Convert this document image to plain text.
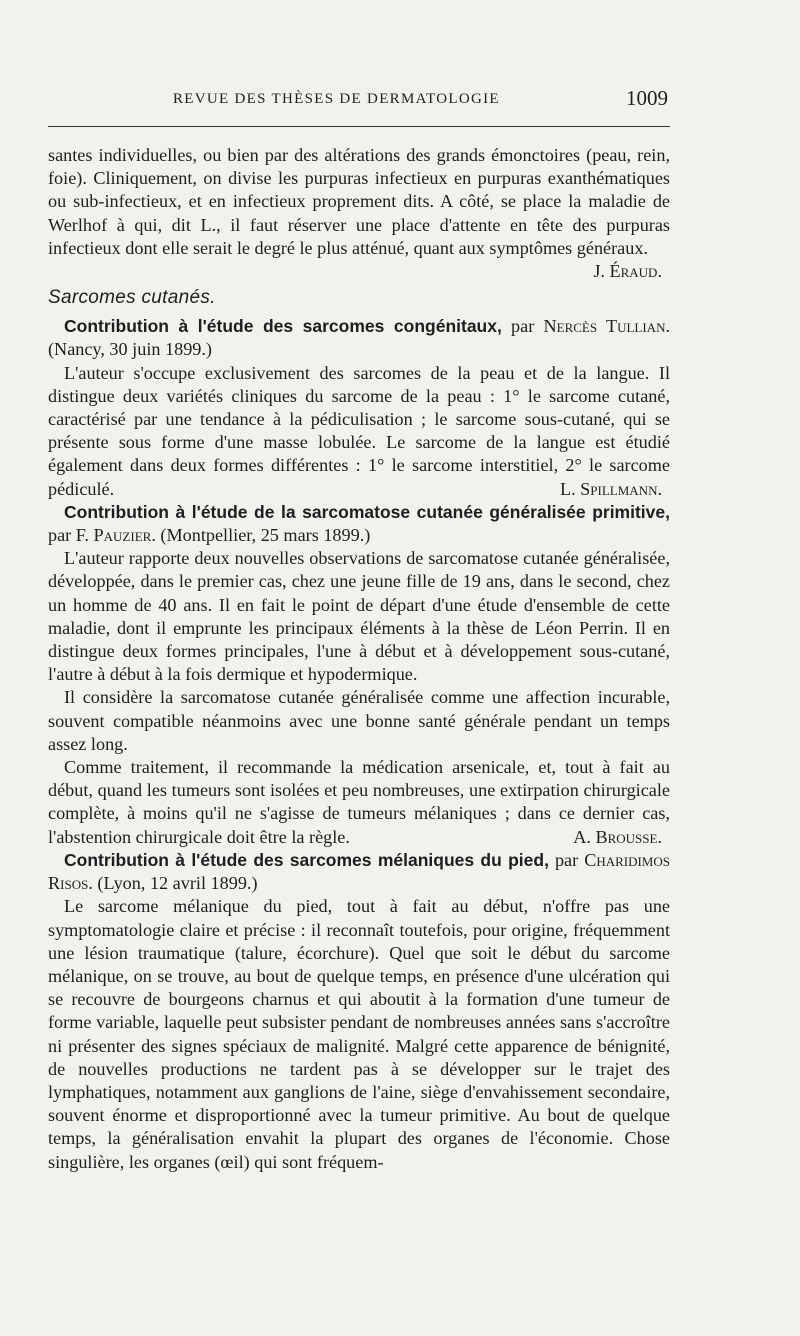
REVUE DES THÈSES DE DERMATOLOGIE	1009

santes individuelles, ou bien par des altérations des grands émonctoires (peau, rein, foie). Cliniquement, on divise les purpuras infectieux en purpuras exanthématiques ou sub-infectieux, et en infectieux proprement dits. A côté, se place la maladie de Werlhof à qui, dit L., il faut réserver une place d'attente en tête des purpuras infectieux dont elle serait le degré le plus atténué, quant aux symptômes généraux.
J. Éraud.

Sarcomes cutanés.

Contribution à l'étude des sarcomes congénitaux, par Nercès Tullian. (Nancy, 30 juin 1899.)

L'auteur s'occupe exclusivement des sarcomes de la peau et de la langue. Il distingue deux variétés cliniques du sarcome de la peau : 1° le sarcome cutané, caractérisé par une tendance à la pédiculisation ; le sarcome sous-cutané, qui se présente sous forme d'une masse lobulée. Le sarcome de la langue est étudié également dans deux formes différentes : 1° le sarcome interstitiel, 2° le sarcome pédiculé.	L. Spillmann.

Contribution à l'étude de la sarcomatose cutanée généralisée primitive, par F. Pauzier. (Montpellier, 25 mars 1899.)

L'auteur rapporte deux nouvelles observations de sarcomatose cutanée généralisée, développée, dans le premier cas, chez une jeune fille de 19 ans, dans le second, chez un homme de 40 ans. Il en fait le point de départ d'une étude d'ensemble de cette maladie, dont il emprunte les principaux éléments à la thèse de Léon Perrin. Il en distingue deux formes principales, l'une à début et à développement sous-cutané, l'autre à début à la fois dermique et hypodermique.

Il considère la sarcomatose cutanée généralisée comme une affection incurable, souvent compatible néanmoins avec une bonne santé générale pendant un temps assez long.

Comme traitement, il recommande la médication arsenicale, et, tout à fait au début, quand les tumeurs sont isolées et peu nombreuses, une extirpation chirurgicale complète, à moins qu'il ne s'agisse de tumeurs mélaniques ; dans ce dernier cas, l'abstention chirurgicale doit être la règle.	A. Brousse.

Contribution à l'étude des sarcomes mélaniques du pied, par Charidimos Risos. (Lyon, 12 avril 1899.)

Le sarcome mélanique du pied, tout à fait au début, n'offre pas une symptomatologie claire et précise : il reconnaît toutefois, pour origine, fréquemment une lésion traumatique (talure, écorchure). Quel que soit le début du sarcome mélanique, on se trouve, au bout de quelque temps, en présence d'une ulcération qui se recouvre de bourgeons charnus et qui aboutit à la formation d'une tumeur de forme variable, laquelle peut subsister pendant de nombreuses années sans s'accroître ni présenter des signes spéciaux de malignité. Malgré cette apparence de bénignité, de nouvelles productions ne tardent pas à se développer sur le trajet des lymphatiques, notamment aux ganglions de l'aine, siège d'envahissement secondaire, souvent énorme et disproportionné avec la tumeur primitive. Au bout de quelque temps, la généralisation envahit la plupart des organes de l'économie. Chose singulière, les organes (œil) qui sont fréquem-
